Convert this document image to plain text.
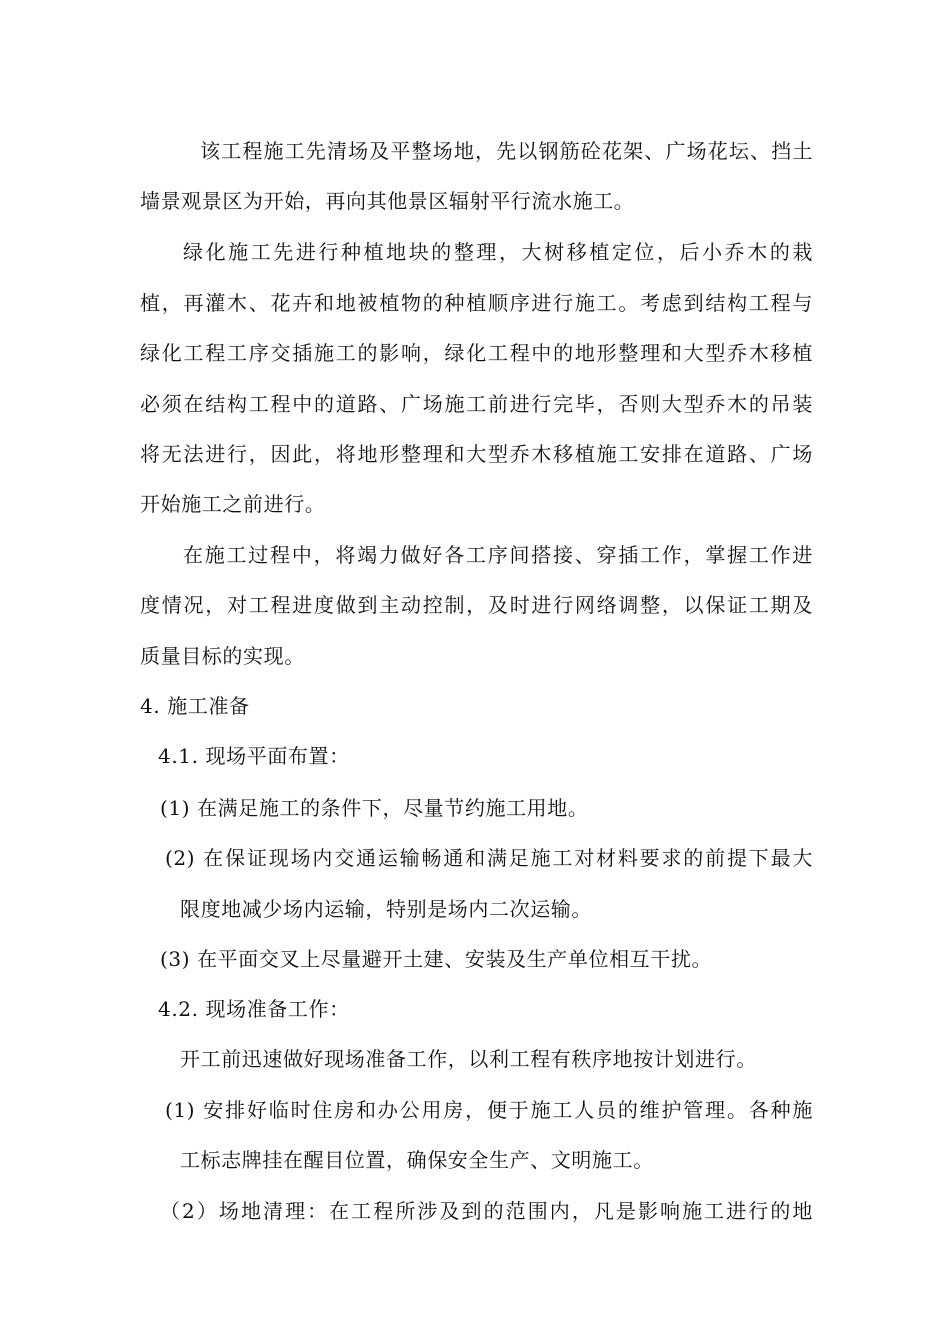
该工程施工先清场及平整场地，先以钢筋砼花架、广场花坛、挡土
墙景观景区为开始，再向其他景区辐射平行流水施工。
绿化施工先进行种植地块的整理，大树移植定位，后小乔木的栽
植，再灌木、花卉和地被植物的种植顺序进行施工。考虑到结构工程与
绿化工程工序交插施工的影响，绿化工程中的地形整理和大型乔木移植
必须在结构工程中的道路、广场施工前进行完毕，否则大型乔木的吊装
将无法进行，因此，将地形整理和大型乔木移植施工安排在道路、广场
开始施工之前进行。
在施工过程中，将竭力做好各工序间搭接、穿插工作，掌握工作进
度情况，对工程进度做到主动控制，及时进行网络调整，以保证工期及
质量目标的实现。
4. 施工准备
4.1. 现场平面布置：
(1) 在满足施工的条件下，尽量节约施工用地。
(2) 在保证现场内交通运输畅通和满足施工对材料要求的前提下最大
限度地减少场内运输，特别是场内二次运输。
(3) 在平面交叉上尽量避开土建、安装及生产单位相互干扰。
4.2. 现场准备工作：
开工前迅速做好现场准备工作，以利工程有秩序地按计划进行。
(1) 安排好临时住房和办公用房，便于施工人员的维护管理。各种施
工标志牌挂在醒目位置，确保安全生产、文明施工。
（2）场地清理：在工程所涉及到的范围内，凡是影响施工进行的地
